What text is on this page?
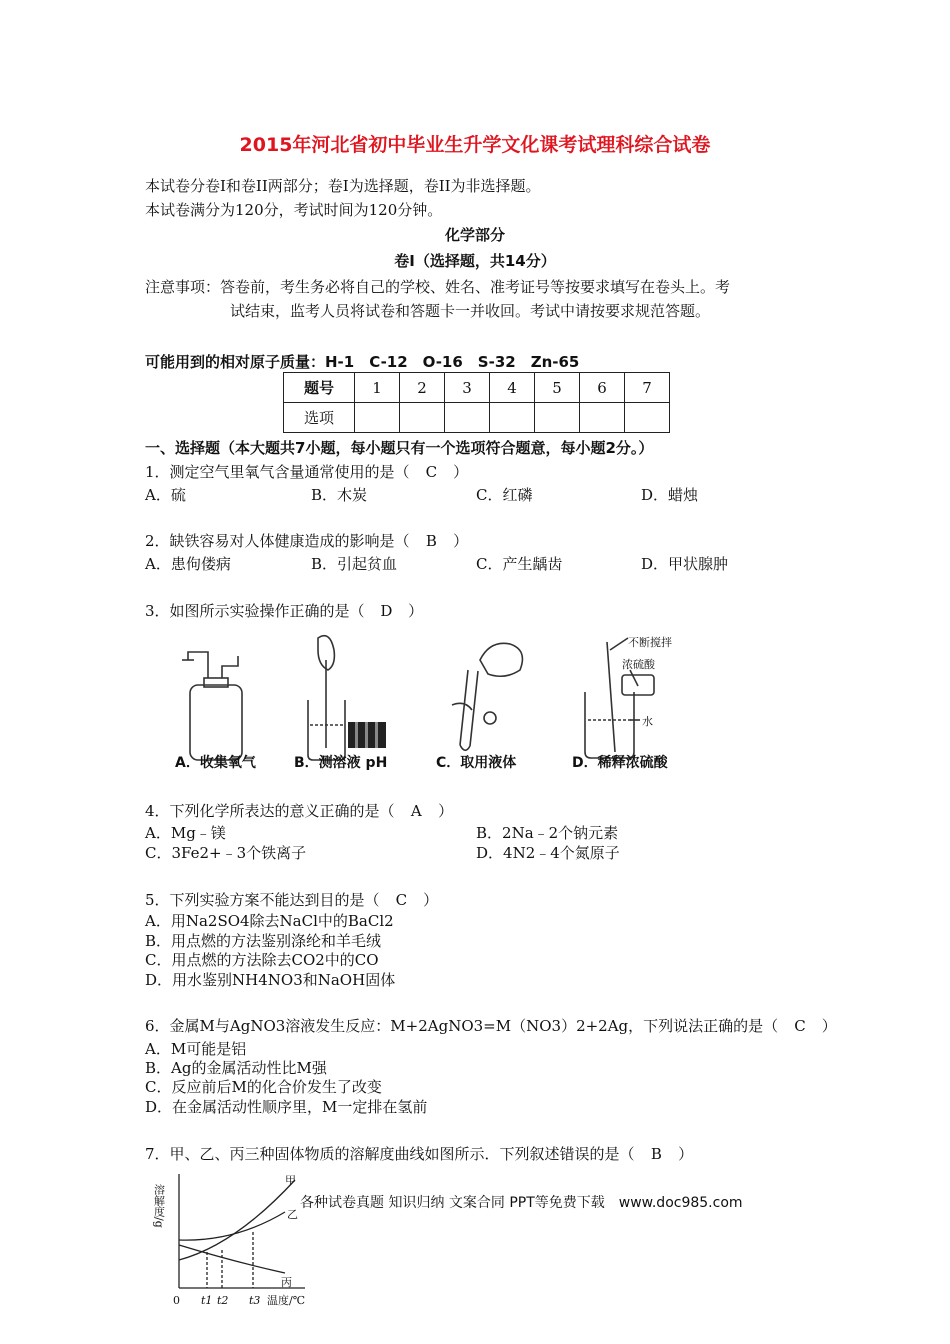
2015年河北省初中毕业生升学文化课考试理科综合试卷
本试卷分卷Ⅰ和卷II两部分；卷Ⅰ为选择题，卷II为非选择题。
本试卷满分为120分，考试时间为120分钟。
化学部分
卷Ⅰ（选择题，共14分）
注意事项：答卷前，考生务必将自己的学校、姓名、准考证号等按要求填写在卷头上。考
试结束，监考人员将试卷和答题卡一并收回。考试中请按要求规范答题。
可能用到的相对原子质量：H-1　C-12　O-16　S-32　Zn-65
题号	1	2	3	4	5	6	7
选项							
一、选择题（本大题共7小题，每小题只有一个选项符合题意，每小题2分。）
1．测定空气里氧气含量通常使用的是（ C ）
A．硫	B．木炭	C．红磷	D．蜡烛
2．缺铁容易对人体健康造成的影响是（ B ）
A．患佝偻病	B．引起贫血	C．产生龋齿	D．甲状腺肿
3．如图所示实验操作正确的是（ D ）
不断搅拌
浓硫酸
水
A．收集氧气	B．测溶液 pH	C．取用液体	D．稀释浓硫酸
4．下列化学所表达的意义正确的是（ A ）
A．Mg﹣镁	B．2Na﹣2个钠元素
C．3Fe2+﹣3个铁离子	D．4N2﹣4个氮原子
5．下列实验方案不能达到目的是（ C ）
A．用Na2SO4除去NaCl中的BaCl2
B．用点燃的方法鉴别涤纶和羊毛绒
C．用点燃的方法除去CO2中的CO
D．用水鉴别NH4NO3和NaOH固体
6．金属M与AgNO3溶液发生反应：M+2AgNO3=M（NO3）2+2Ag，下列说法正确的是（ C ）
A．M可能是铝
B．Ag的金属活动性比M强
C．反应前后M的化合价发生了改变
D．在金属活动性顺序里，M一定排在氢前
7．甲、乙、丙三种固体物质的溶解度曲线如图所示．下列叙述错误的是（ B ）
溶解度/g
0 t1 t2 t3 温度/℃
甲
乙
丙
各种试卷真题 知识归纳 文案合同 PPT等免费下载　www.doc985.com
